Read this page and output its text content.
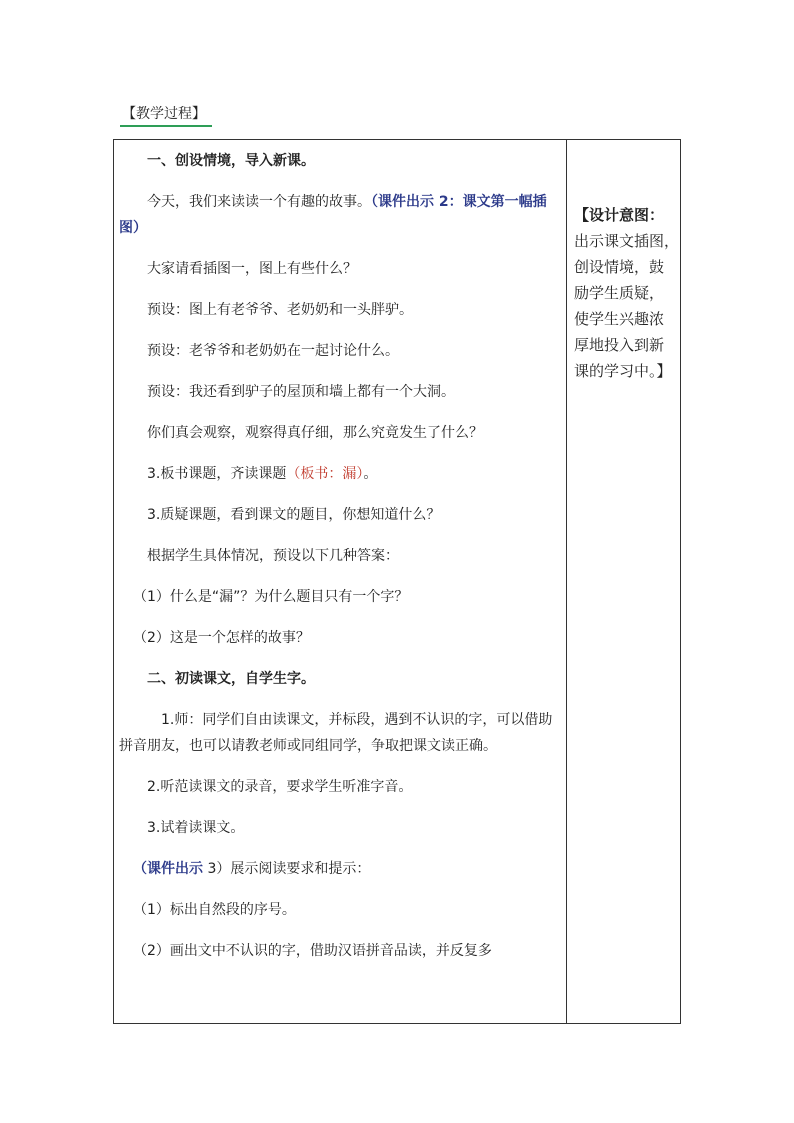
【教学过程】

一、创设情境，导入新课。

今天，我们来读读一个有趣的故事。（课件出示 2：课文第一幅插图）

大家请看插图一，图上有些什么？

预设：图上有老爷爷、老奶奶和一头胖驴。

预设：老爷爷和老奶奶在一起讨论什么。

预设：我还看到驴子的屋顶和墙上都有一个大洞。

你们真会观察，观察得真仔细，那么究竟发生了什么？

3.板书课题，齐读课题（板书：漏）。

3.质疑课题，看到课文的题目，你想知道什么？

根据学生具体情况，预设以下几种答案：

（1）什么是“漏”？为什么题目只有一个字？

（2）这是一个怎样的故事？

二、初读课文，自学生字。

1.师：同学们自由读课文，并标段，遇到不认识的字，可以借助拼音朋友，也可以请教老师或同组同学，争取把课文读正确。

2.听范读课文的录音，要求学生听准字音。

3.试着读课文。

（课件出示 3）展示阅读要求和提示：

（1）标出自然段的序号。

（2）画出文中不认识的字，借助汉语拼音品读，并反复多

【设计意图：
出示课文插图，
创设情境，鼓
励学生质疑，
使学生兴趣浓
厚地投入到新
课的学习中。】
